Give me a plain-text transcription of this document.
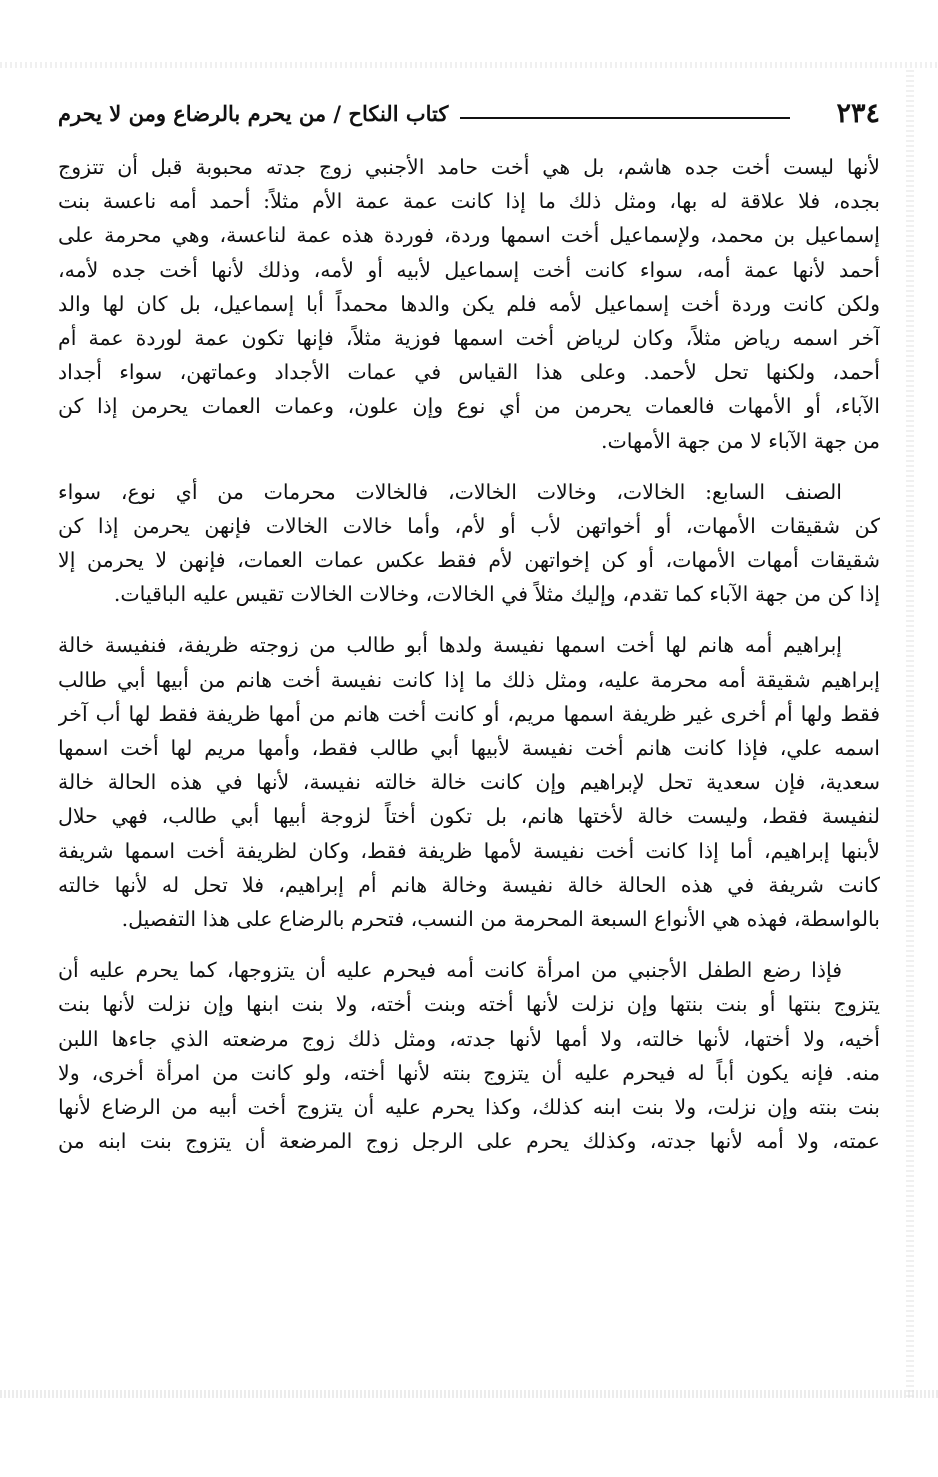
٢٣٤
كتاب النكاح / من يحرم بالرضاع ومن لا يحرم
لأنها ليست أخت جده هاشم، بل هي أخت حامد الأجنبي زوج جدته محبوبة قبل أن تتزوج
بجده، فلا علاقة له بها، ومثل ذلك ما إذا كانت عمة عمة الأم مثلاً: أحمد أمه ناعسة بنت
إسماعيل بن محمد، ولإسماعيل أخت اسمها وردة، فوردة هذه عمة لناعسة، وهي محرمة على
أحمد لأنها عمة أمه، سواء كانت أخت إسماعيل لأبيه أو لأمه، وذلك لأنها أخت جده لأمه،
ولكن كانت وردة أخت إسماعيل لأمه فلم يكن والدها محمداً أبا إسماعيل، بل كان لها والد
آخر اسمه رياض مثلاً، وكان لرياض أخت اسمها فوزية مثلاً، فإنها تكون عمة لوردة عمة أم
أحمد، ولكنها تحل لأحمد. وعلى هذا القياس في عمات الأجداد وعماتهن، سواء أجداد
الآباء، أو الأمهات فالعمات يحرمن من أي نوع وإن علون، وعمات العمات يحرمن إذا كن
من جهة الآباء لا من جهة الأمهات.
الصنف السابع: الخالات، وخالات الخالات، فالخالات محرمات من أي نوع، سواء
كن شقيقات الأمهات، أو أخواتهن لأب أو لأم، وأما خالات الخالات فإنهن يحرمن إذا كن
شقيقات أمهات الأمهات، أو كن إخواتهن لأم فقط عكس عمات العمات، فإنهن لا يحرمن إلا
إذا كن من جهة الآباء كما تقدم، وإليك مثلاً في الخالات، وخالات الخالات تقيس عليه الباقيات.
إبراهيم أمه هانم لها أخت اسمها نفيسة ولدها أبو طالب من زوجته ظريفة، فنفيسة خالة
إبراهيم شقيقة أمه محرمة عليه، ومثل ذلك ما إذا كانت نفيسة أخت هانم من أبيها أبي طالب
فقط ولها أم أخرى غير ظريفة اسمها مريم، أو كانت أخت هانم من أمها ظريفة فقط لها أب آخر
اسمه علي، فإذا كانت هانم أخت نفيسة لأبيها أبي طالب فقط، وأمها مريم لها أخت اسمها
سعدية، فإن سعدية تحل لإبراهيم وإن كانت خالة خالته نفيسة، لأنها في هذه الحالة خالة
لنفيسة فقط، وليست خالة لأختها هانم، بل تكون أختاً لزوجة أبيها أبي طالب، فهي حلال
لأبنها إبراهيم، أما إذا كانت أخت نفيسة لأمها ظريفة فقط، وكان لظريفة أخت اسمها شريفة
كانت شريفة في هذه الحالة خالة نفيسة وخالة هانم أم إبراهيم، فلا تحل له لأنها خالته
بالواسطة، فهذه هي الأنواع السبعة المحرمة من النسب، فتحرم بالرضاع على هذا التفصيل.
فإذا رضع الطفل الأجنبي من امرأة كانت أمه فيحرم عليه أن يتزوجها، كما يحرم عليه أن
يتزوج بنتها أو بنت بنتها وإن نزلت لأنها أخته وبنت أخته، ولا بنت ابنها وإن نزلت لأنها بنت
أخيه، ولا أختها، لأنها خالته، ولا أمها لأنها جدته، ومثل ذلك زوج مرضعته الذي جاءها اللبن
منه. فإنه يكون أباً له فيحرم عليه أن يتزوج بنته لأنها أخته، ولو كانت من امرأة أخرى، ولا
بنت بنته وإن نزلت، ولا بنت ابنه كذلك، وكذا يحرم عليه أن يتزوج أخت أبيه من الرضاع لأنها
عمته، ولا أمه لأنها جدته، وكذلك يحرم على الرجل زوج المرضعة أن يتزوج بنت ابنه من
